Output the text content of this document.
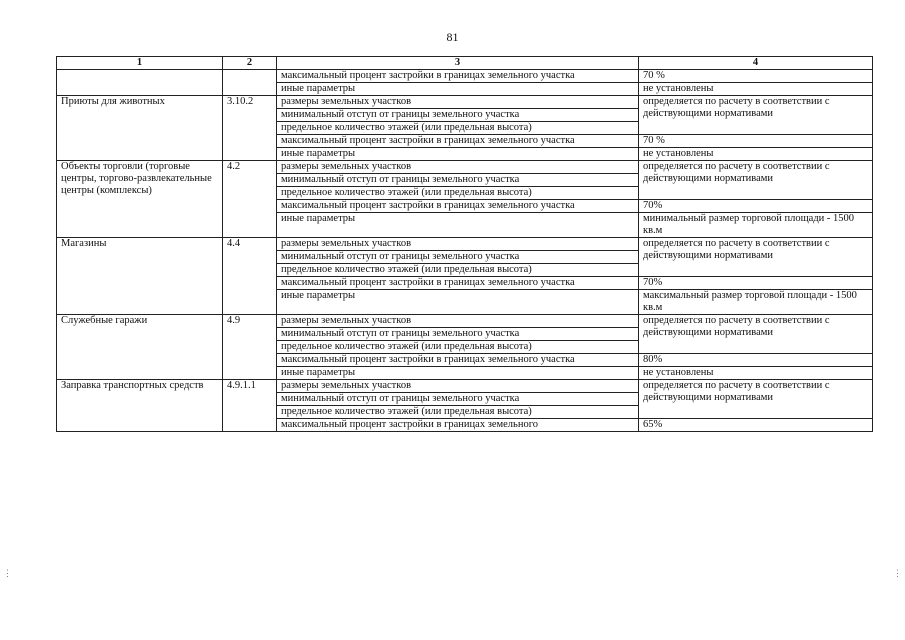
81
⋮	⋮
1	2	3	4
		максимальный процент застройки в границах земельного участка	70 %
		иные параметры	не установлены
Приюты для животных	3.10.2	размеры земельных участков	определяется по расчету в соответствии с действующими нормативами
		минимальный отступ от границы земельного участка	
		предельное количество этажей (или предельная высота)	
		максимальный процент застройки в границах земельного участка	70 %
		иные параметры	не установлены
Объекты торговли (торговые центры, торгово-развлекательные центры (комплексы)	4.2	размеры земельных участков	определяется по расчету в соответствии с действующими нормативами
		минимальный отступ от границы земельного участка	
		предельное количество этажей (или предельная высота)	
		максимальный процент застройки в границах земельного участка	70%
		иные параметры	минимальный размер торговой площади - 1500 кв.м
Магазины	4.4	размеры земельных участков	определяется по расчету в соответствии с действующими нормативами
		минимальный отступ от границы земельного участка	
		предельное количество этажей (или предельная высота)	
		максимальный процент застройки в границах земельного участка	70%
		иные параметры	максимальный размер торговой площади - 1500 кв.м
Служебные гаражи	4.9	размеры земельных участков	определяется по расчету в соответствии с действующими нормативами
		минимальный отступ от границы земельного участка	
		предельное количество этажей (или предельная высота)	
		максимальный процент застройки в границах земельного участка	80%
		иные параметры	не установлены
Заправка транспортных средств	4.9.1.1	размеры земельных участков	определяется по расчету в соответствии с действующими нормативами
		минимальный отступ от границы земельного участка	
		предельное количество этажей (или предельная высота)	
		максимальный процент застройки в границах земельного	65%
